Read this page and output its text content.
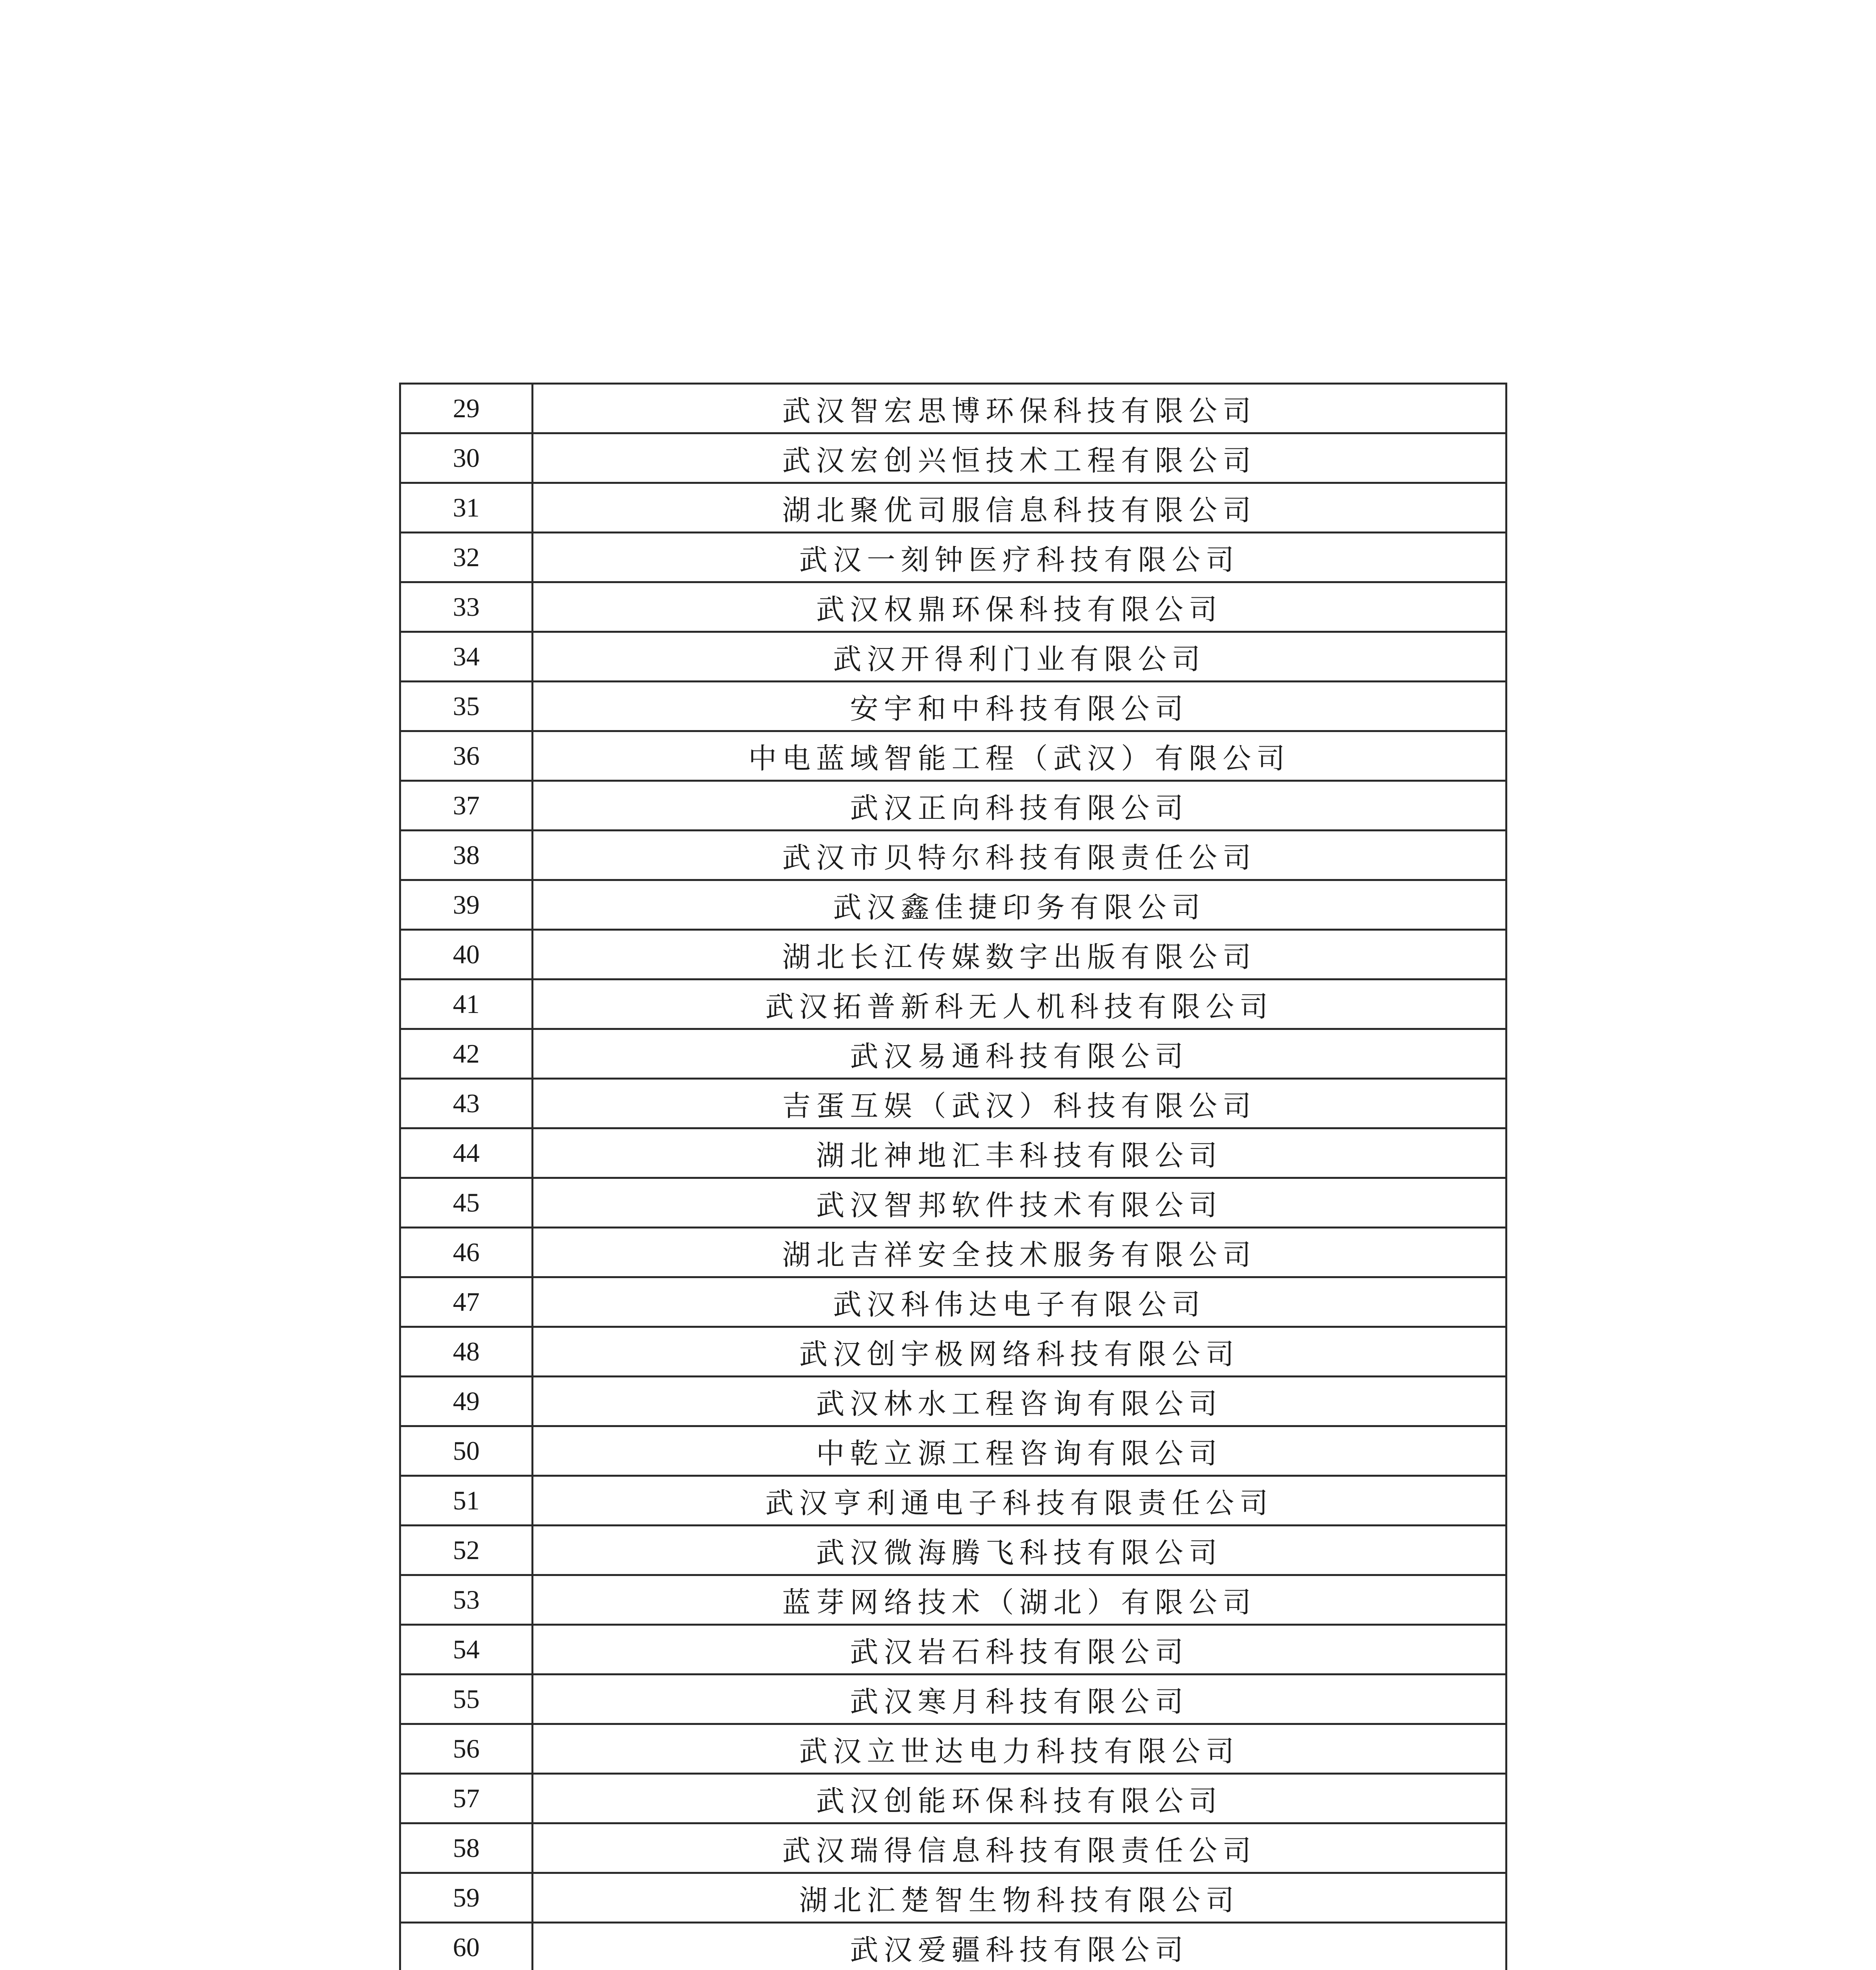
29	武汉智宏思博环保科技有限公司
30	武汉宏创兴恒技术工程有限公司
31	湖北聚优司服信息科技有限公司
32	武汉一刻钟医疗科技有限公司
33	武汉权鼎环保科技有限公司
34	武汉开得利门业有限公司
35	安宇和中科技有限公司
36	中电蓝域智能工程（武汉）有限公司
37	武汉正向科技有限公司
38	武汉市贝特尔科技有限责任公司
39	武汉鑫佳捷印务有限公司
40	湖北长江传媒数字出版有限公司
41	武汉拓普新科无人机科技有限公司
42	武汉易通科技有限公司
43	吉蛋互娱（武汉）科技有限公司
44	湖北神地汇丰科技有限公司
45	武汉智邦软件技术有限公司
46	湖北吉祥安全技术服务有限公司
47	武汉科伟达电子有限公司
48	武汉创宇极网络科技有限公司
49	武汉林水工程咨询有限公司
50	中乾立源工程咨询有限公司
51	武汉亨利通电子科技有限责任公司
52	武汉微海腾飞科技有限公司
53	蓝芽网络技术（湖北）有限公司
54	武汉岩石科技有限公司
55	武汉寒月科技有限公司
56	武汉立世达电力科技有限公司
57	武汉创能环保科技有限公司
58	武汉瑞得信息科技有限责任公司
59	湖北汇楚智生物科技有限公司
60	武汉爱疆科技有限公司
